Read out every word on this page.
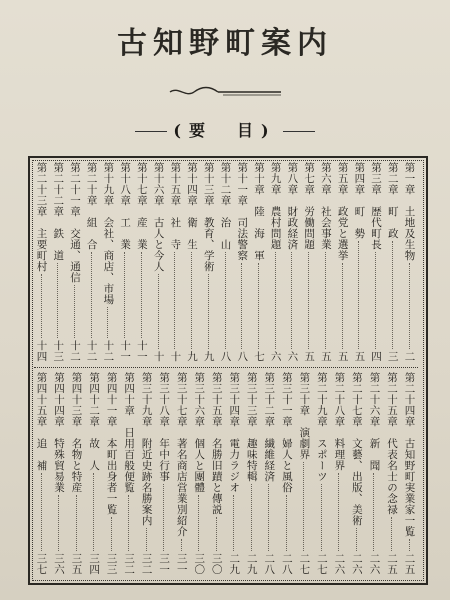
古知野町案内
(要　目)
第一章　土地及生物
二
第二章　町　政
三
第三章　歴代町長
四
第四章　町　勢
五
第五章　政党と選挙
五
第六章　社会事業
五
第七章　労働問題
五
第八章　財政経済
六
第九章　農村問題
六
第十章　陸　海　軍
七
第十一章　司法警察
八
第十二章　治　山
八
第十三章　教育、学術
九
第十四章　衛　生
九
第十五章　社　寺
十
第十六章　古人と今人
十
第十七章　産　業
十一
第十八章　工　業
十一
第十九章　会社、商店、市場
十二
第二十章　組　合
十二
第二十一章　交通、通信
十二
第二十二章　鉄　道
十三
第二十三章　主要町村
十四
第二十四章　古知野町実業家一覧
二五
第二十五章　代表名士の念禄
二五
第二十六章　新　聞
二六
第二十七章　文藝、出版、美術
二六
第二十八章　料理界
二六
第二十九章　スポーツ
二七
第三十章　演劇界
二七
第三十一章　婦人と風俗
二八
第三十二章　繊維経済
二八
第三十三章　趣味特輯
二九
第三十四章　電力ラジオ
二九
第三十五章　名勝旧蹟と傳説
三〇
第三十六章　個人と團體
三〇
第三十七章　著名商店営業別紹介
三一
第三十八章　年中行事
三一
第三十九章　附近史跡名勝案内
三二
第四十章　日用百般便覧
三二
第四十一章　本町出身者一覧
三三
第四十二章　故　人
三四
第四十三章　名物と特産
三五
第四十四章　特殊貿易業
三六
第四十五章　追　補
三七
